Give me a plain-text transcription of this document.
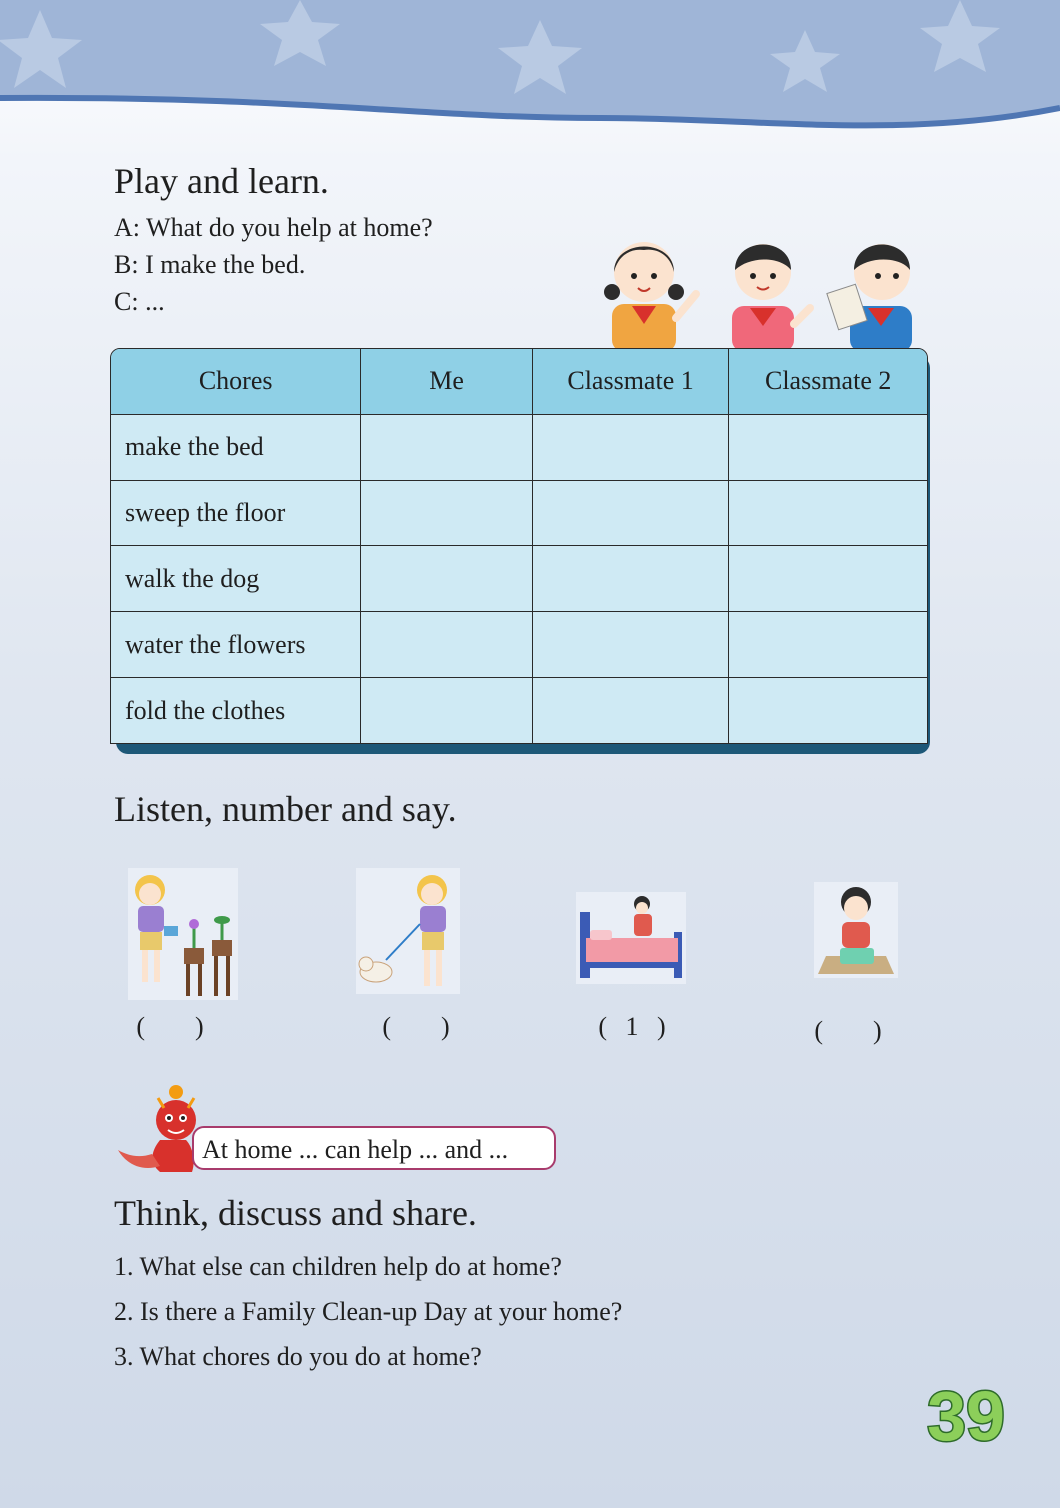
Play and learn.
A: What do you help at home?
B: I make the bed.
C: ...
Chores	Me	Classmate 1	Classmate 2
make the bed			
sweep the floor			
walk the dog			
water the flowers			
fold the clothes			
Listen, number and say.
( )	( )	( 1 )	( )
At home ... can help ... and ...
Think, discuss and share.
1. What else can children help do at home?
2. Is there a Family Clean-up Day at your home?
3. What chores do you do at home?
39
